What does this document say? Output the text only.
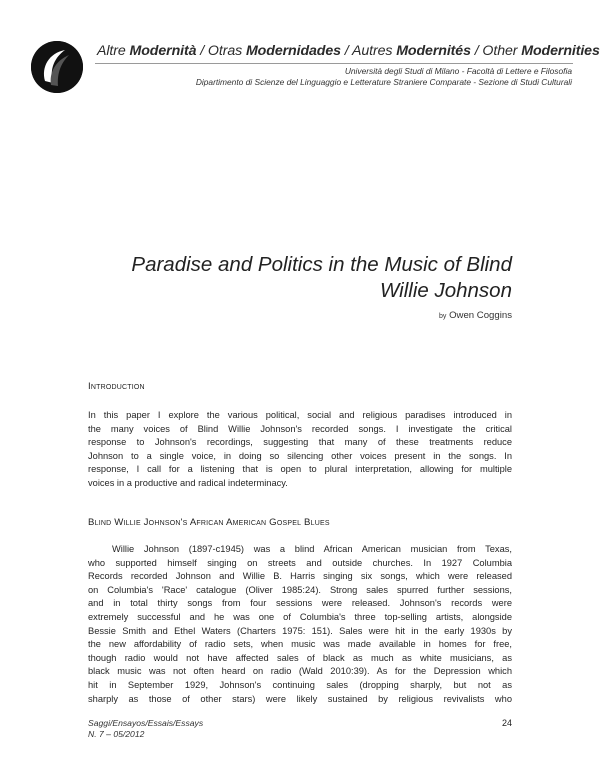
Altre Modernità / Otras Modernidades / Autres Modernités / Other Modernities
Università degli Studi di Milano - Facoltà di Lettere e Filosofia
Dipartimento di Scienze del Linguaggio e Letterature Straniere Comparate - Sezione di Studi Culturali
Paradise and Politics in the Music of Blind
Willie Johnson
by Owen Coggins
Introduction
In this paper I explore the various political, social and religious paradises introduced in
the many voices of Blind Willie Johnson's recorded songs. I investigate the critical
response to Johnson's recordings, suggesting that many of these treatments reduce
Johnson to a single voice, in doing so silencing other voices present in the songs. In
response, I call for a listening that is open to plural interpretation, allowing for multiple
voices in a productive and radical indeterminacy.
Blind Willie Johnson's African American Gospel Blues
Willie Johnson (1897-c1945) was a blind African American musician from Texas,
who supported himself singing on streets and outside churches. In 1927 Columbia
Records recorded Johnson and Willie B. Harris singing six songs, which were released
on Columbia's 'Race' catalogue (Oliver 1985:24). Strong sales spurred further sessions,
and in total thirty songs from four sessions were released. Johnson's records were
extremely successful and he was one of Columbia's three top-selling artists, alongside
Bessie Smith and Ethel Waters (Charters 1975: 151). Sales were hit in the early 1930s by
the new affordability of radio sets, when music was made available in homes for free,
though radio would not have affected sales of black as much as white musicians, as
black music was not often heard on radio (Wald 2010:39). As for the Depression which
hit in September 1929, Johnson's continuing sales (dropping sharply, but not as
sharply as those of other stars) were likely sustained by religious revivalists who
Saggi/Ensayos/Essais/Essays
N. 7 – 05/2012
24
